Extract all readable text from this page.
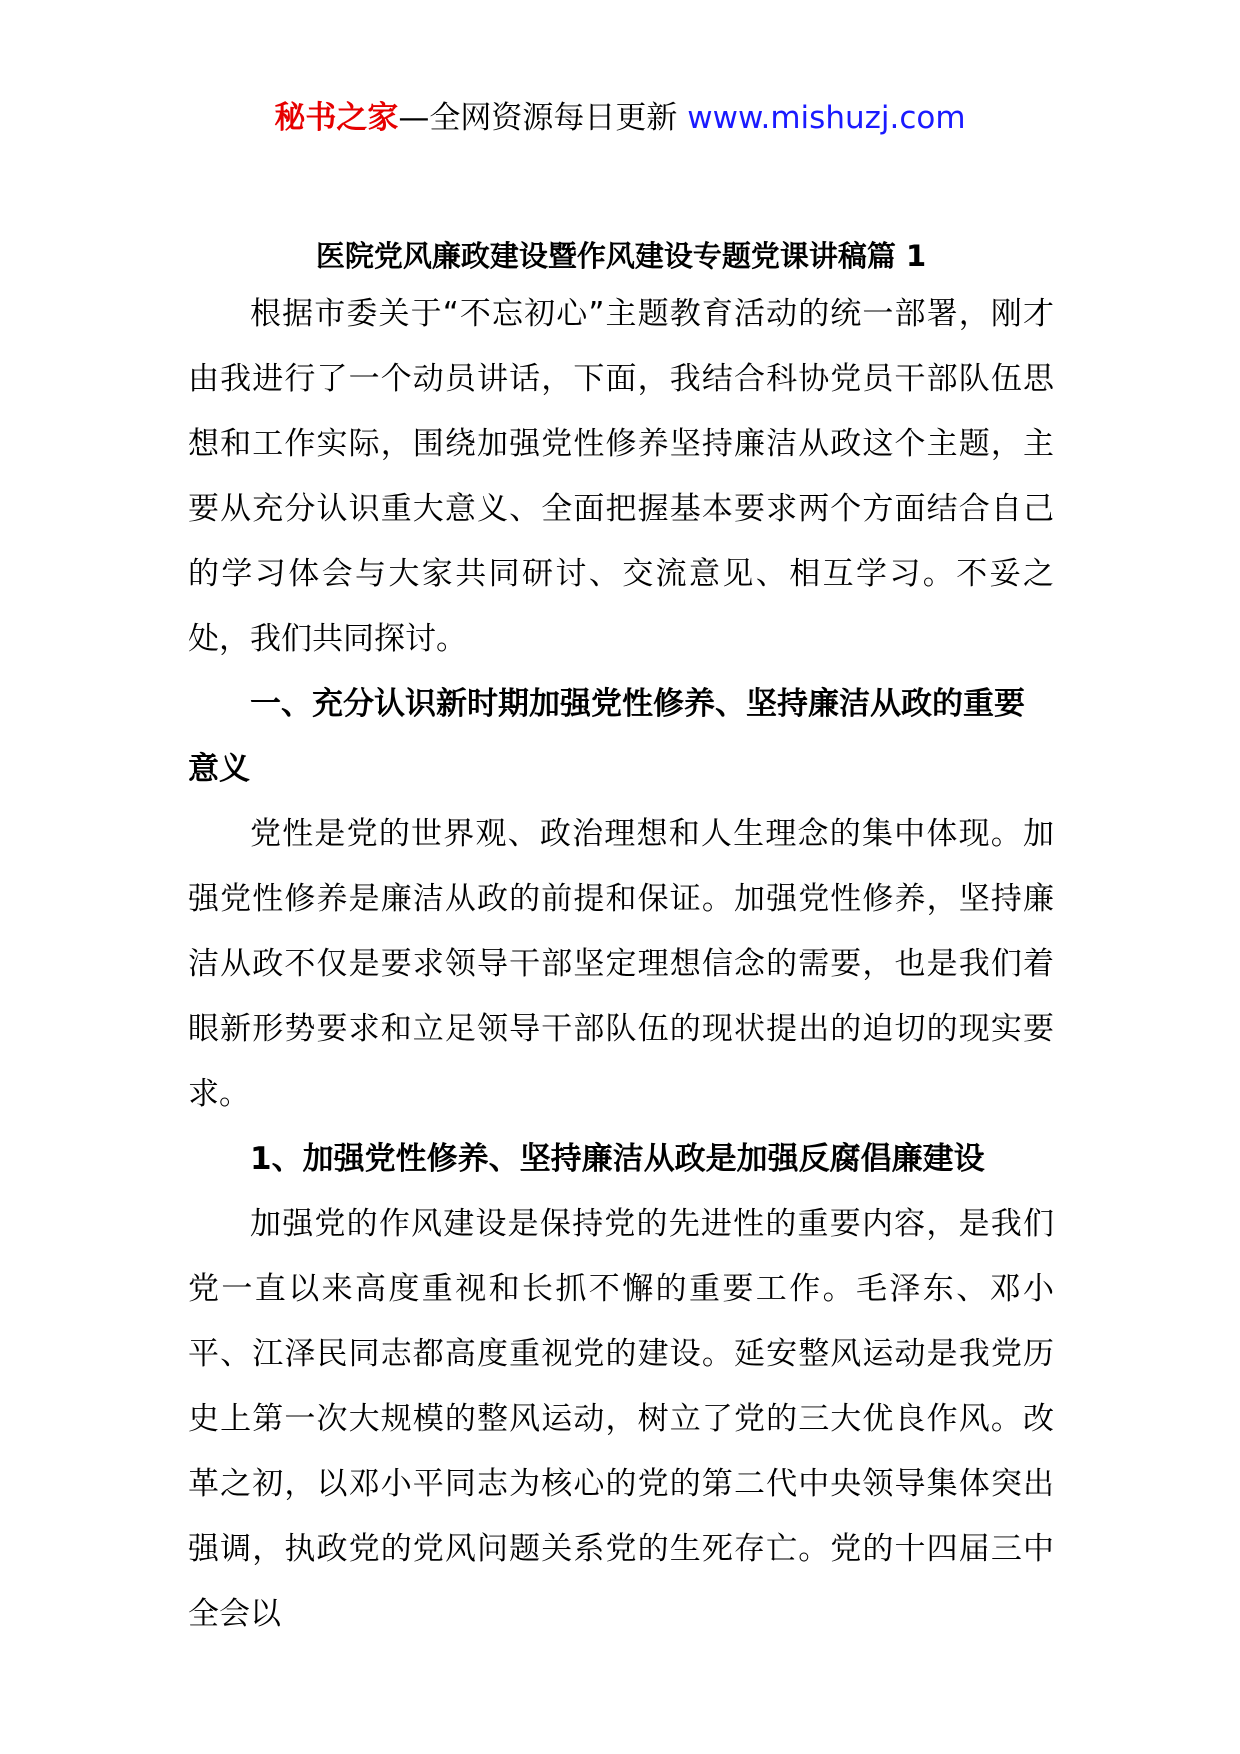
秘书之家—全网资源每日更新 www.mishuzj.com
医院党风廉政建设暨作风建设专题党课讲稿篇 1

根据市委关于“不忘初心”主题教育活动的统一部署，刚才由我进行了一个动员讲话，下面，我结合科协党员干部队伍思想和工作实际，围绕加强党性修养坚持廉洁从政这个主题，主要从充分认识重大意义、全面把握基本要求两个方面结合自己的学习体会与大家共同研讨、交流意见、相互学习。不妥之处，我们共同探讨。

一、充分认识新时期加强党性修养、坚持廉洁从政的重要意义

党性是党的世界观、政治理想和人生理念的集中体现。加强党性修养是廉洁从政的前提和保证。加强党性修养，坚持廉洁从政不仅是要求领导干部坚定理想信念的需要，也是我们着眼新形势要求和立足领导干部队伍的现状提出的迫切的现实要求。

1、加强党性修养、坚持廉洁从政是加强反腐倡廉建设

加强党的作风建设是保持党的先进性的重要内容，是我们党一直以来高度重视和长抓不懈的重要工作。毛泽东、邓小平、江泽民同志都高度重视党的建设。延安整风运动是我党历史上第一次大规模的整风运动，树立了党的三大优良作风。改革之初，以邓小平同志为核心的党的第二代中央领导集体突出强调，执政党的党风问题关系党的生死存亡。党的十四届三中全会以
